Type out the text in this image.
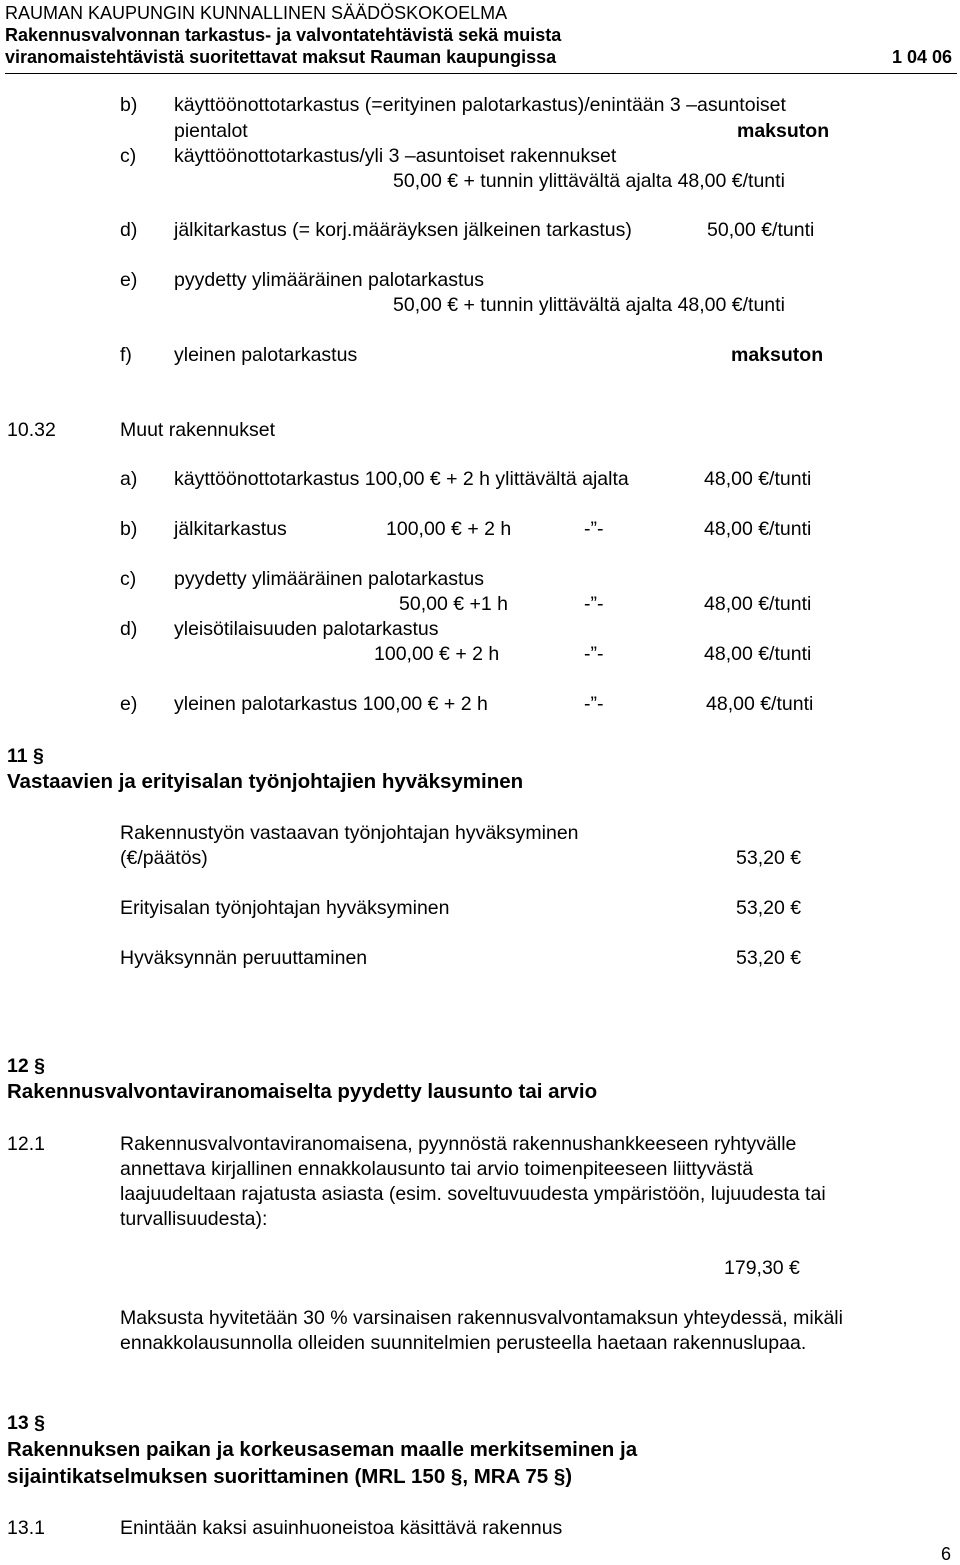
RAUMAN KAUPUNGIN KUNNALLINEN SÄÄDÖSKOKOELMA
Rakennusvalvonnan tarkastus- ja valvontatehtävistä sekä muista
viranomaistehtävistä suoritettavat maksut Rauman kaupungissa	1 04 06
b) käyttöönottotarkastus (=erityinen palotarkastus)/enintään 3 –asuntoiset
pientalot	maksuton
c) käyttöönottotarkastus/yli 3 –asuntoiset rakennukset
50,00 € + tunnin ylittävältä ajalta 48,00 €/tunti
d) jälkitarkastus (= korj.määräyksen jälkeinen tarkastus)	50,00 €/tunti
e) pyydetty ylimääräinen palotarkastus
50,00 € + tunnin ylittävältä ajalta 48,00 €/tunti
f) yleinen palotarkastus	maksuton
10.32	Muut rakennukset
a) käyttöönottotarkastus 100,00 € + 2 h ylittävältä ajalta	48,00 €/tunti
b) jälkitarkastus	100,00 € + 2 h	-”-	48,00 €/tunti
c) pyydetty ylimääräinen palotarkastus
50,00 € +1 h	-”-	48,00 €/tunti
d) yleisötilaisuuden palotarkastus
100,00 € + 2 h	-”-	48,00 €/tunti
e) yleinen palotarkastus 100,00 € + 2 h	-”-	48,00 €/tunti
11 §
Vastaavien ja erityisalan työnjohtajien hyväksyminen
Rakennustyön vastaavan työnjohtajan hyväksyminen
(€/päätös)	53,20 €
Erityisalan työnjohtajan hyväksyminen	53,20 €
Hyväksynnän peruuttaminen	53,20 €
12 §
Rakennusvalvontaviranomaiselta pyydetty lausunto tai arvio
12.1	Rakennusvalvontaviranomaisena, pyynnöstä rakennushankkeeseen ryhtyvälle
annettava kirjallinen ennakkolausunto tai arvio toimenpiteeseen liittyvästä
laajuudeltaan rajatusta asiasta (esim. soveltuvuudesta ympäristöön, lujuudesta tai
turvallisuudesta):
179,30 €
Maksusta hyvitetään 30 % varsinaisen rakennusvalvontamaksun yhteydessä, mikäli
ennakkolausunnolla olleiden suunnitelmien perusteella haetaan rakennuslupaa.
13 §
Rakennuksen paikan ja korkeusaseman maalle merkitseminen ja
sijaintikatselmuksen suorittaminen (MRL 150 §, MRA 75 §)
13.1	Enintään kaksi asuinhuoneistoa käsittävä rakennus
6
